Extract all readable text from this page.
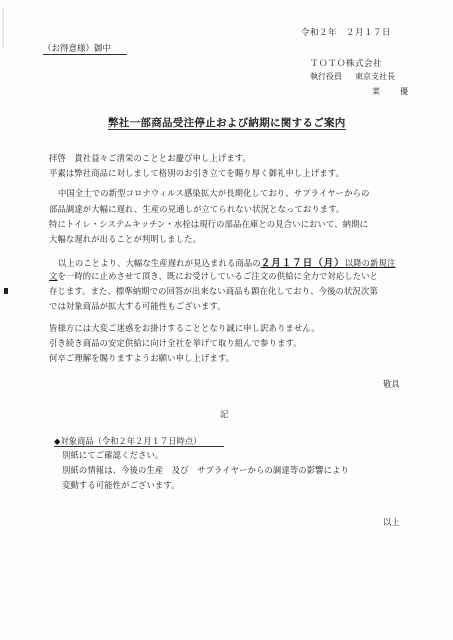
令和２年　２月１７日
（お得意様）御中
ＴＯＴＯ株式会社
執行役員 東京支社長
菜　優
弊社一部商品受注停止および納期に関するご案内
拝啓　貴社益々ご清栄のこととお慶び申し上げます。
平素は弊社商品に対しまして格別のお引き立てを賜り厚く御礼申し上げます。
中国全土での新型コロナウィルス感染拡大が長期化しており、サプライヤーからの
部品調達が大幅に遅れ、生産の見通しが立てられない状況となっております。
特にトイレ・システムキッチン・水栓は現行の部品在庫との見合いにおいて、納期に
大幅な遅れが出ることが判明しました。
以上のことより、大幅な生産遅れが見込まれる商品の２月１７日（月）以降の新規注
文を一時的に止めさせて頂き、既にお受けしているご注文の供給に全力で対応したいと
存じます。また、標準納期での回答が出来ない商品も顕在化しており、今後の状況次第
では対象商品が拡大する可能性もございます。
皆様方には大変ご迷惑をお掛けすることとなり誠に申し訳ありません。
引き続き商品の安定供給に向け全社を挙げて取り組んで参ります。
何卒ご理解を賜りますようお願い申し上げます。
敬具
記
◆対象商品（令和２年２月１７日時点）
別紙にてご確認ください。
別紙の情報は、今後の生産　及び　サプライヤーからの調達等の影響により
変動する可能性がございます。
以上
